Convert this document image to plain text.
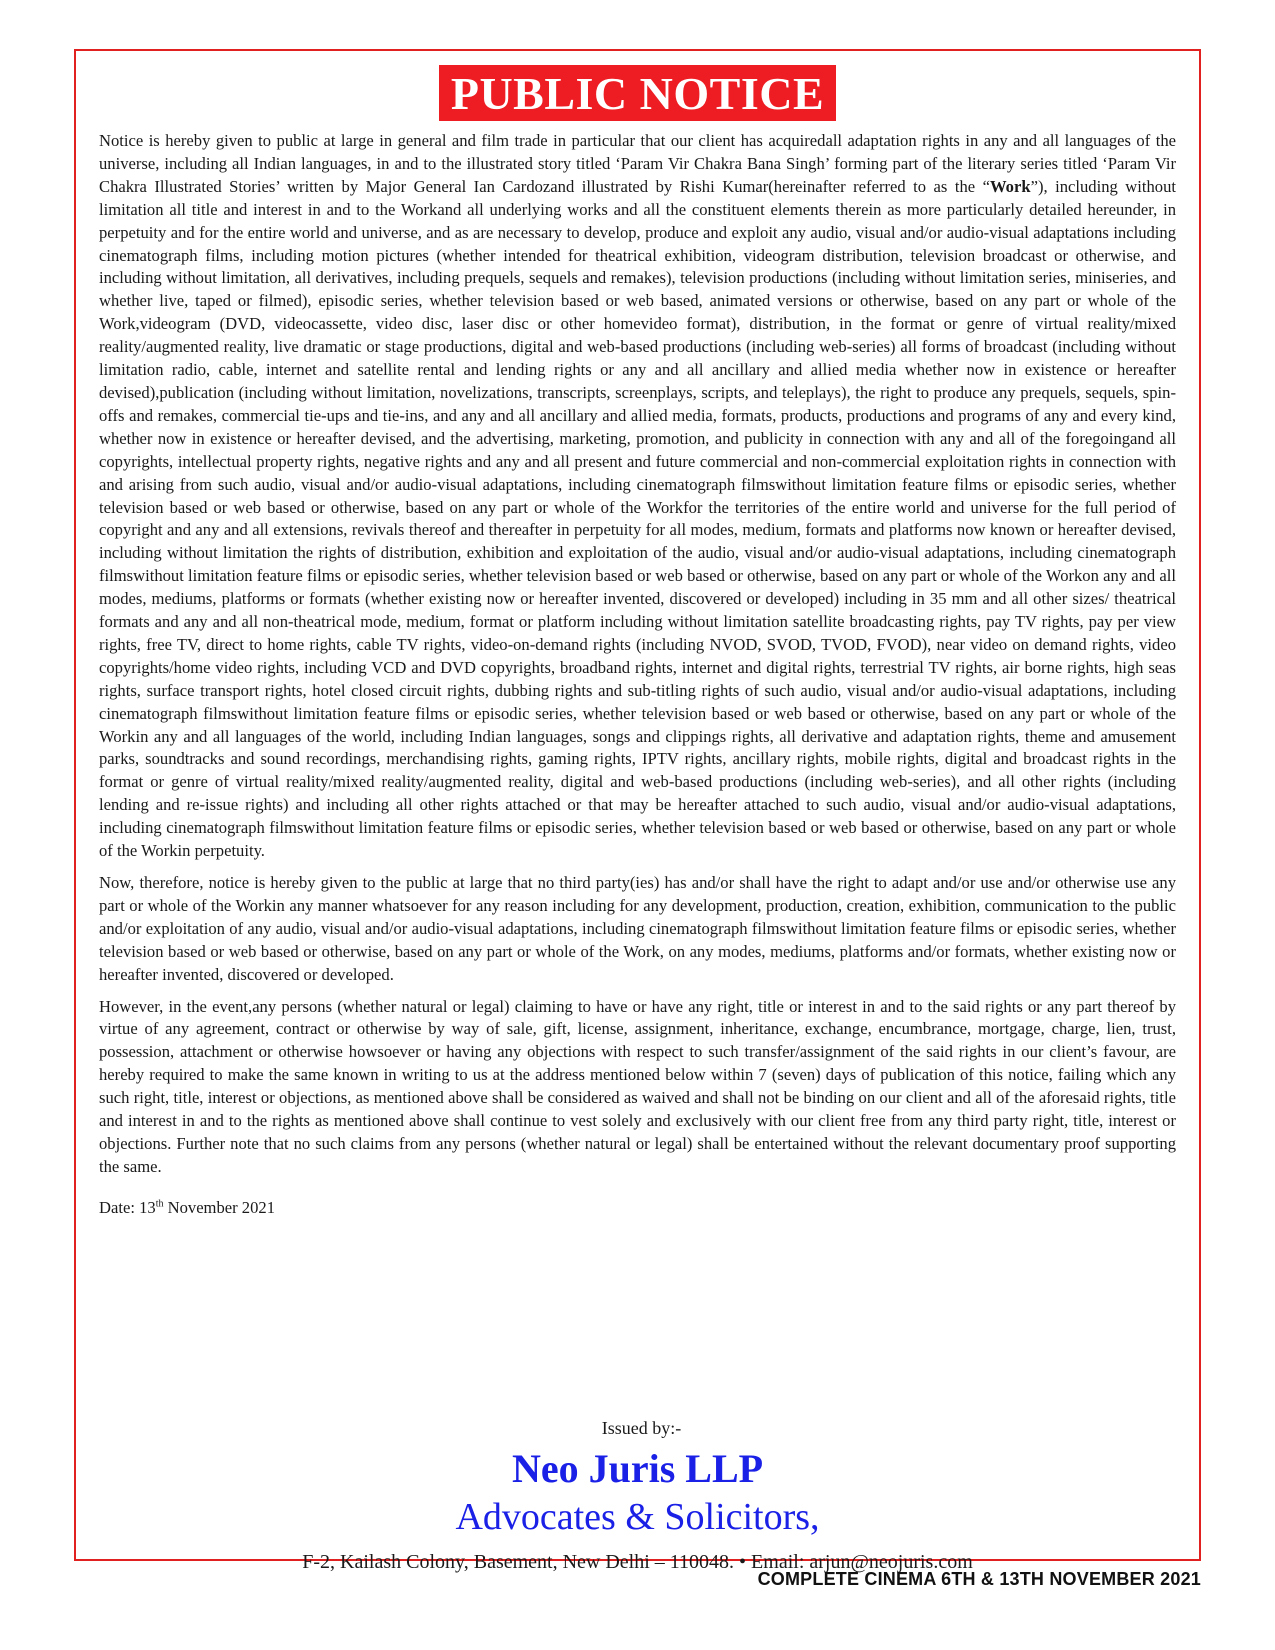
PUBLIC NOTICE

Notice is hereby given to public at large in general and film trade in particular that our client has acquiredall adaptation rights in any and all languages of the universe, including all Indian languages, in and to the illustrated story titled ‘Param Vir Chakra Bana Singh’ forming part of the literary series titled ‘Param Vir Chakra Illustrated Stories’ written by Major General Ian Cardozand illustrated by Rishi Kumar(hereinafter referred to as the “Work”), including without limitation all title and interest in and to the Workand all underlying works and all the constituent elements therein as more particularly detailed hereunder, in perpetuity and for the entire world and universe, and as are necessary to develop, produce and exploit any audio, visual and/or audio-visual adaptations including cinematograph films, including motion pictures (whether intended for theatrical exhibition, videogram distribution, television broadcast or otherwise, and including without limitation, all derivatives, including prequels, sequels and remakes), television productions (including without limitation series, miniseries, and whether live, taped or filmed), episodic series, whether television based or web based, animated versions or otherwise, based on any part or whole of the Work,videogram (DVD, videocassette, video disc, laser disc or other homevideo format), distribution, in the format or genre of virtual reality/mixed reality/augmented reality, live dramatic or stage productions, digital and web-based productions (including web-series) all forms of broadcast (including without limitation radio, cable, internet and satellite rental and lending rights or any and all ancillary and allied media whether now in existence or hereafter devised),publication (including without limitation, novelizations, transcripts, screenplays, scripts, and teleplays), the right to produce any prequels, sequels, spin-offs and remakes, commercial tie-ups and tie-ins, and any and all ancillary and allied media, formats, products, productions and programs of any and every kind, whether now in existence or hereafter devised, and the advertising, marketing, promotion, and publicity in connection with any and all of the foregoingand all copyrights, intellectual property rights, negative rights and any and all present and future commercial and non-commercial exploitation rights in connection with and arising from such audio, visual and/or audio-visual adaptations, including cinematograph filmswithout limitation feature films or episodic series, whether television based or web based or otherwise, based on any part or whole of the Workfor the territories of the entire world and universe for the full period of copyright and any and all extensions, revivals thereof and thereafter in perpetuity for all modes, medium, formats and platforms now known or hereafter devised, including without limitation the rights of distribution, exhibition and exploitation of the audio, visual and/or audio-visual adaptations, including cinematograph filmswithout limitation feature films or episodic series, whether television based or web based or otherwise, based on any part or whole of the Workon any and all modes, mediums, platforms or formats (whether existing now or hereafter invented, discovered or developed) including in 35 mm and all other sizes/ theatrical formats and any and all non-theatrical mode, medium, format or platform including without limitation satellite broadcasting rights, pay TV rights, pay per view rights, free TV, direct to home rights, cable TV rights, video-on-demand rights (including NVOD, SVOD, TVOD, FVOD), near video on demand rights, video copyrights/home video rights, including VCD and DVD copyrights, broadband rights, internet and digital rights, terrestrial TV rights, air borne rights, high seas rights, surface transport rights, hotel closed circuit rights, dubbing rights and sub-titling rights of such audio, visual and/or audio-visual adaptations, including cinematograph filmswithout limitation feature films or episodic series, whether television based or web based or otherwise, based on any part or whole of the Workin any and all languages of the world, including Indian languages, songs and clippings rights, all derivative and adaptation rights, theme and amusement parks, soundtracks and sound recordings, merchandising rights, gaming rights, IPTV rights, ancillary rights, mobile rights, digital and broadcast rights in the format or genre of virtual reality/mixed reality/augmented reality, digital and web-based productions (including web-series), and all other rights (including lending and re-issue rights) and including all other rights attached or that may be hereafter attached to such audio, visual and/or audio-visual adaptations, including cinematograph filmswithout limitation feature films or episodic series, whether television based or web based or otherwise, based on any part or whole of the Workin perpetuity.

Now, therefore, notice is hereby given to the public at large that no third party(ies) has and/or shall have the right to adapt and/or use and/or otherwise use any part or whole of the Workin any manner whatsoever for any reason including for any development, production, creation, exhibition, communication to the public and/or exploitation of any audio, visual and/or audio-visual adaptations, including cinematograph filmswithout limitation feature films or episodic series, whether television based or web based or otherwise, based on any part or whole of the Work, on any modes, mediums, platforms and/or formats, whether existing now or hereafter invented, discovered or developed.

However, in the event,any persons (whether natural or legal) claiming to have or have any right, title or interest in and to the said rights or any part thereof by virtue of any agreement, contract or otherwise by way of sale, gift, license, assignment, inheritance, exchange, encumbrance, mortgage, charge, lien, trust, possession, attachment or otherwise howsoever or having any objections with respect to such transfer/assignment of the said rights in our client’s favour, are hereby required to make the same known in writing to us at the address mentioned below within 7 (seven) days of publication of this notice, failing which any such right, title, interest or objections, as mentioned above shall be considered as waived and shall not be binding on our client and all of the aforesaid rights, title and interest in and to the rights as mentioned above shall continue to vest solely and exclusively with our client free from any third party right, title, interest or objections. Further note that no such claims from any persons (whether natural or legal) shall be entertained without the relevant documentary proof supporting the same.

Date: 13th November 2021

Issued by:-
Neo Juris LLP
Advocates & Solicitors,
F-2, Kailash Colony, Basement, New Delhi – 110048. • Email: arjun@neojuris.com
COMPLETE CINEMA 6TH & 13TH NOVEMBER 2021
